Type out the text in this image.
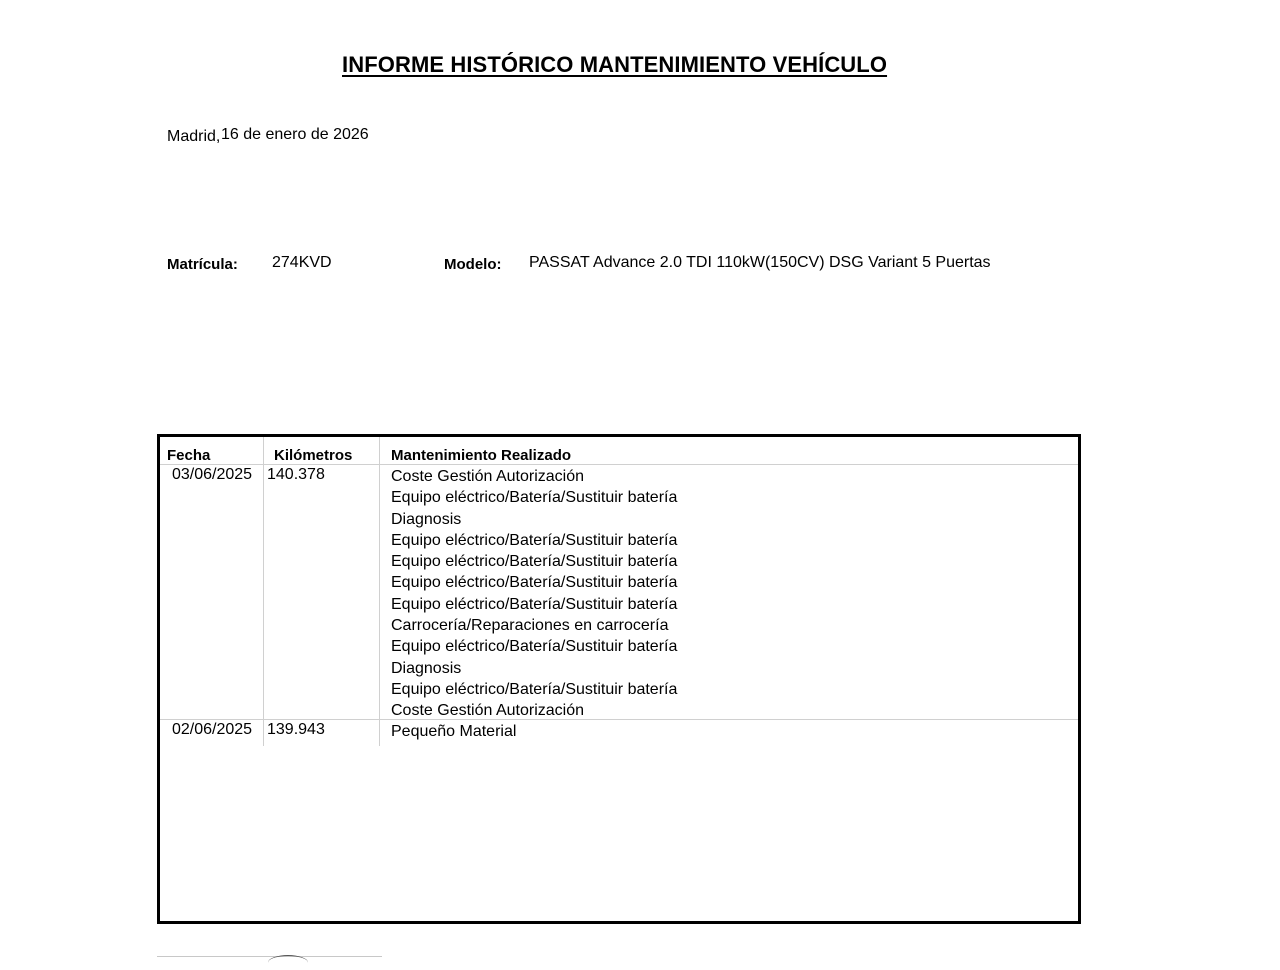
INFORME HISTÓRICO MANTENIMIENTO VEHÍCULO
Madrid, 16 de enero de 2026
Matrícula: 274KVD	Modelo: PASSAT Advance 2.0 TDI 110kW(150CV) DSG Variant 5 Puertas
Fecha	Kilómetros	Mantenimiento Realizado
03/06/2025 140.378	Coste Gestión Autorización
Equipo eléctrico/Batería/Sustituir batería
Diagnosis
Equipo eléctrico/Batería/Sustituir batería
Equipo eléctrico/Batería/Sustituir batería
Equipo eléctrico/Batería/Sustituir batería
Equipo eléctrico/Batería/Sustituir batería
Carrocería/Reparaciones en carrocería
Equipo eléctrico/Batería/Sustituir batería
Diagnosis
Equipo eléctrico/Batería/Sustituir batería
Coste Gestión Autorización
02/06/2025 139.943	Pequeño Material
